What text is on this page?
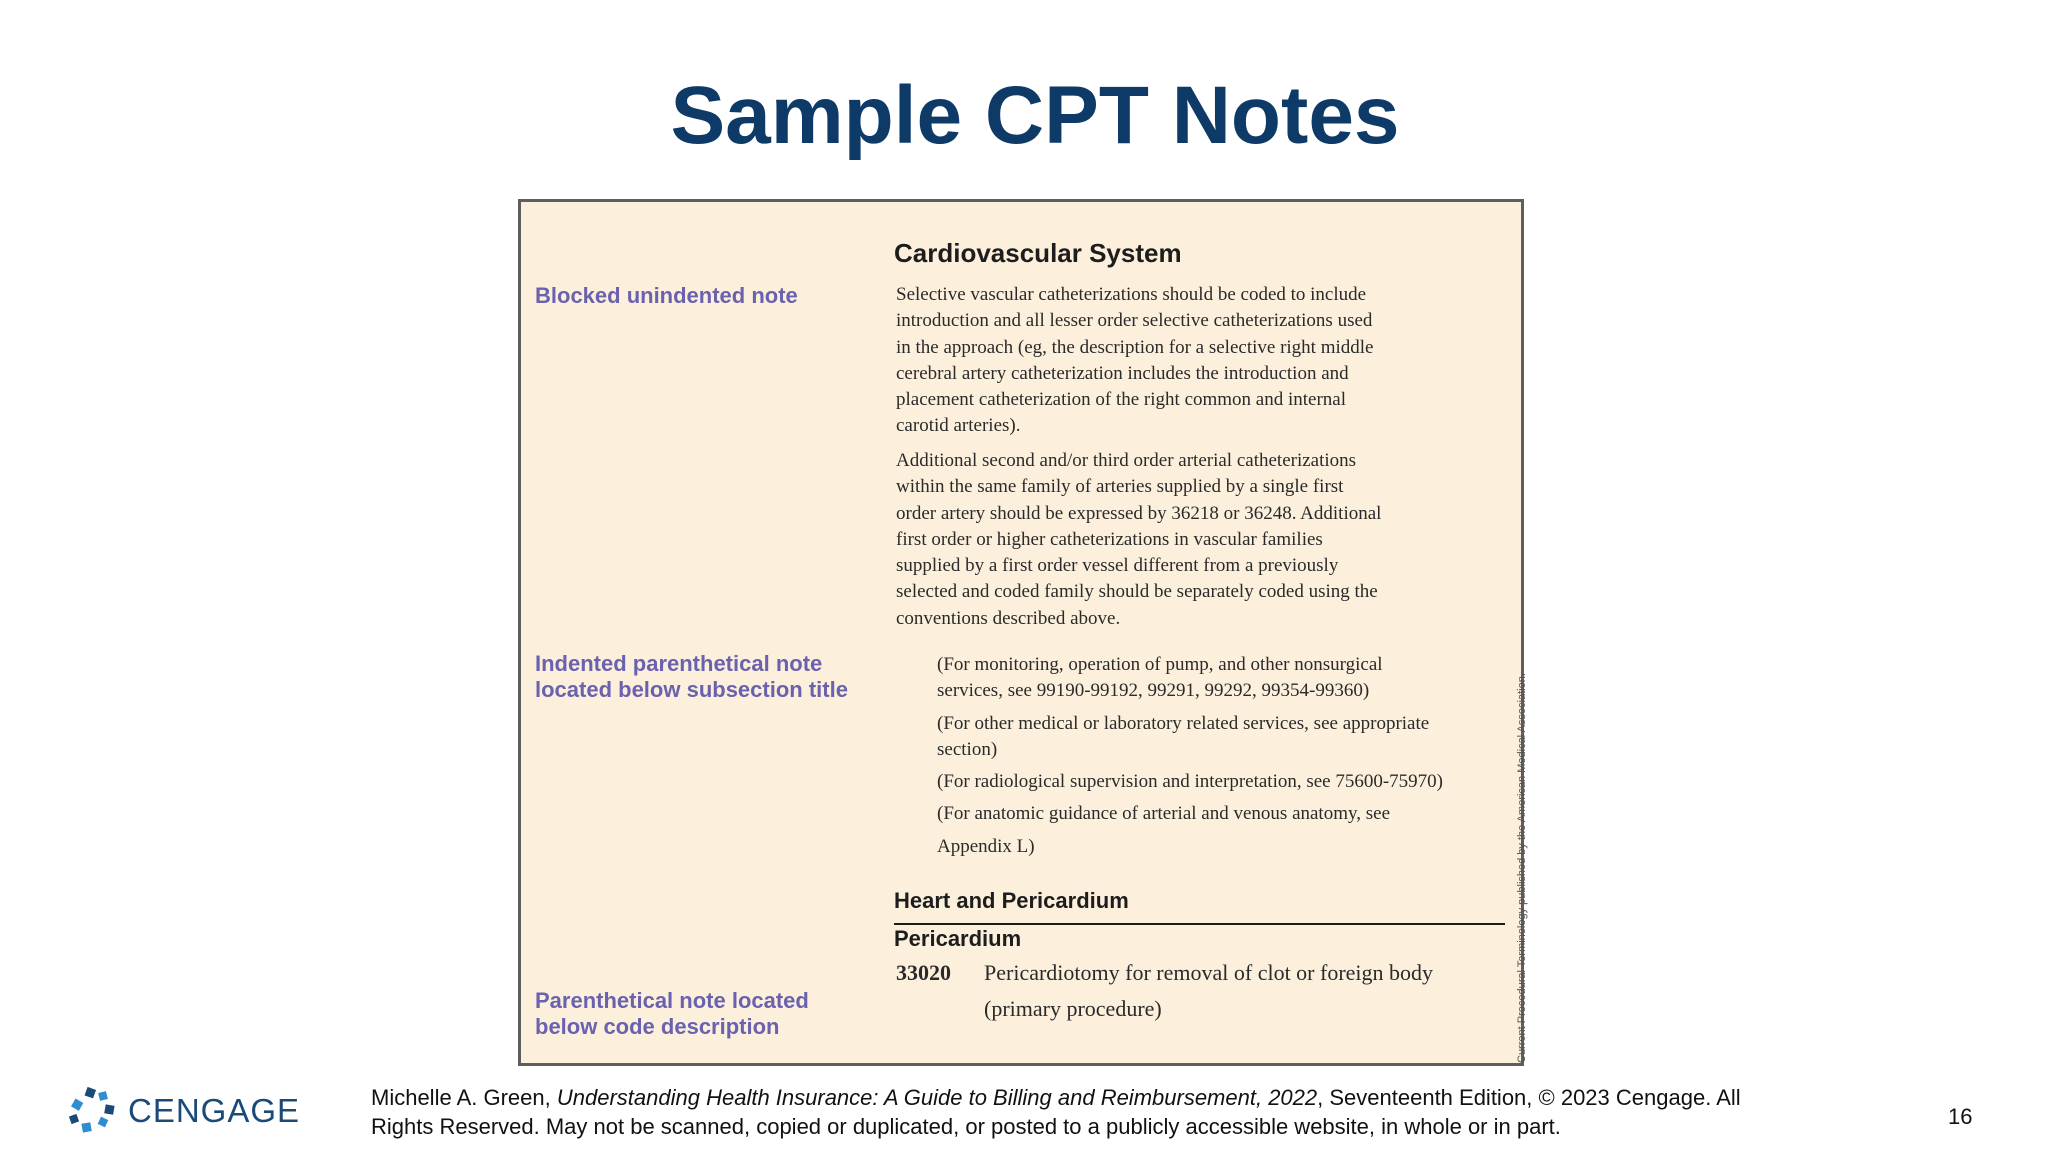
Sample CPT Notes
Blocked unindented note
Indented parenthetical note
located below subsection title
Parenthetical note located
below code description
Cardiovascular System
Selective vascular catheterizations should be coded to include
introduction and all lesser order selective catheterizations used
in the approach (eg, the description for a selective right middle
cerebral artery catheterization includes the introduction and
placement catheterization of the right common and internal
carotid arteries).
Additional second and/or third order arterial catheterizations
within the same family of arteries supplied by a single first
order artery should be expressed by 36218 or 36248. Additional
first order or higher catheterizations in vascular families
supplied by a first order vessel different from a previously
selected and coded family should be separately coded using the
conventions described above.
(For monitoring, operation of pump, and other nonsurgical
services, see 99190-99192, 99291, 99292, 99354-99360)
(For other medical or laboratory related services, see appropriate
section)
(For radiological supervision and interpretation, see 75600-75970)
(For anatomic guidance of arterial and venous anatomy, see
Appendix L)
Heart and Pericardium
Pericardium
33020 Pericardiotomy for removal of clot or foreign body
(primary procedure)	Current Procedural Terminology published by the American Medical Association.
CENGAGE	Michelle A. Green, Understanding Health Insurance: A Guide to Billing and Reimbursement, 2022, Seventeenth Edition, © 2023 Cengage. All
Rights Reserved. May not be scanned, copied or duplicated, or posted to a publicly accessible website, in whole or in part.	16
